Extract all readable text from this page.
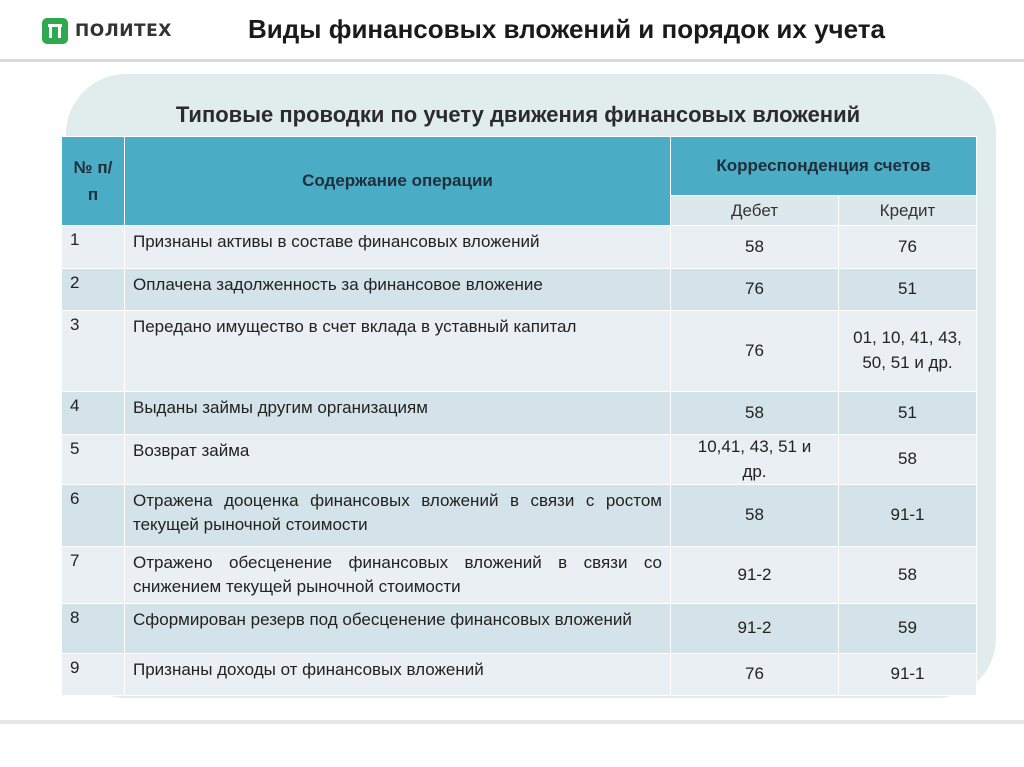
ПОЛИТЕХ	Виды финансовых вложений и порядок их учета
Типовые проводки по учету движения финансовых вложений
№ п/п	Содержание операции	Корреспонденция счетов	
		Дебет	Кредит
1	Признаны активы в составе финансовых вложений	58	76
2	Оплачена задолженность за финансовое вложение	76	51
3	Передано имущество в счет вклада в уставный капитал	76	01, 10, 41, 43, 50, 51 и др.
4	Выданы займы другим организациям	58	51
5	Возврат займа	10,41, 43, 51 и др.	58
6	Отражена дооценка финансовых вложений в связи с ростом текущей рыночной стоимости	58	91-1
7	Отражено обесценение финансовых вложений в связи со снижением текущей рыночной стоимости	91-2	58
8	Сформирован резерв под обесценение финансовых вложений	91-2	59
9	Признаны доходы от финансовых вложений	76	91-1
